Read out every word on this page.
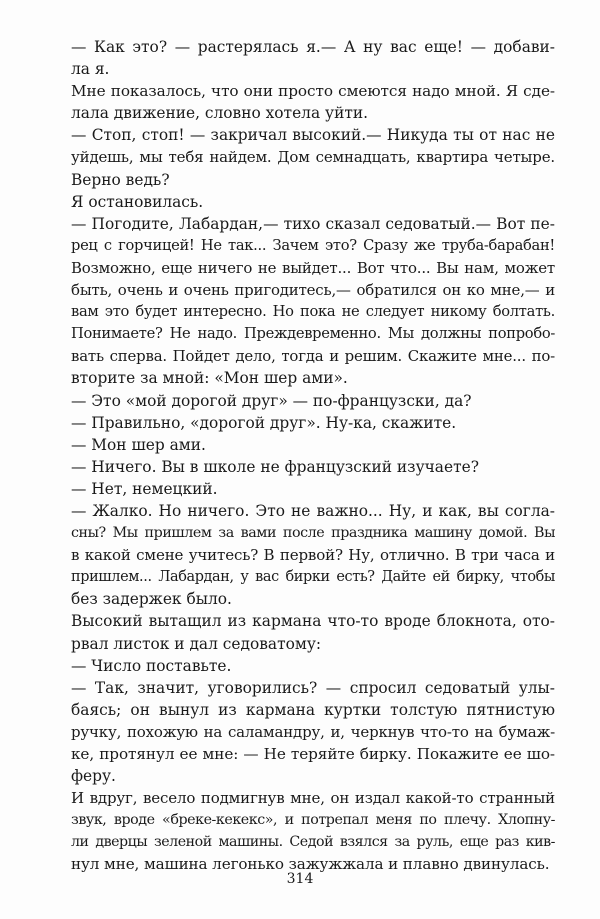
— Как это? — растерялась я.— А ну вас еще! — добави-
ла я.
Мне показалось, что они просто смеются надо мной. Я сде-
лала движение, словно хотела уйти.
— Стоп, стоп! — закричал высокий.— Никуда ты от нас не
уйдешь, мы тебя найдем. Дом семнадцать, квартира четыре.
Верно ведь?
Я остановилась.
— Погодите, Лабардан,— тихо сказал седоватый.— Вот пе-
рец с горчицей! Не так... Зачем это? Сразу же труба-барабан!
Возможно, еще ничего не выйдет... Вот что... Вы нам, может
быть, очень и очень пригодитесь,— обратился он ко мне,— и
вам это будет интересно. Но пока не следует никому болтать.
Понимаете? Не надо. Преждевременно. Мы должны попробо-
вать сперва. Пойдет дело, тогда и решим. Скажите мне... по-
вторите за мной: «Мон шер ами».
— Это «мой дорогой друг» — по-французски, да?
— Правильно, «дорогой друг». Ну-ка, скажите.
— Мон шер ами.
— Ничего. Вы в школе не французский изучаете?
— Нет, немецкий.
— Жалко. Но ничего. Это не важно... Ну, и как, вы согла-
сны? Мы пришлем за вами после праздника машину домой. Вы
в какой смене учитесь? В первой? Ну, отлично. В три часа и
пришлем... Лабардан, у вас бирки есть? Дайте ей бирку, чтобы
без задержек было.
Высокий вытащил из кармана что-то вроде блокнота, ото-
рвал листок и дал седоватому:
— Число поставьте.
— Так, значит, уговорились? — спросил седоватый улы-
баясь; он вынул из кармана куртки толстую пятнистую
ручку, похожую на саламандру, и, черкнув что-то на бумаж-
ке, протянул ее мне: — Не теряйте бирку. Покажите ее шо-
феру.
И вдруг, весело подмигнув мне, он издал какой-то странный
звук, вроде «бреке-кекекс», и потрепал меня по плечу. Хлопну-
ли дверцы зеленой машины. Седой взялся за руль, еще раз кив-
нул мне, машина легонько зажужжала и плавно двинулась.
314
